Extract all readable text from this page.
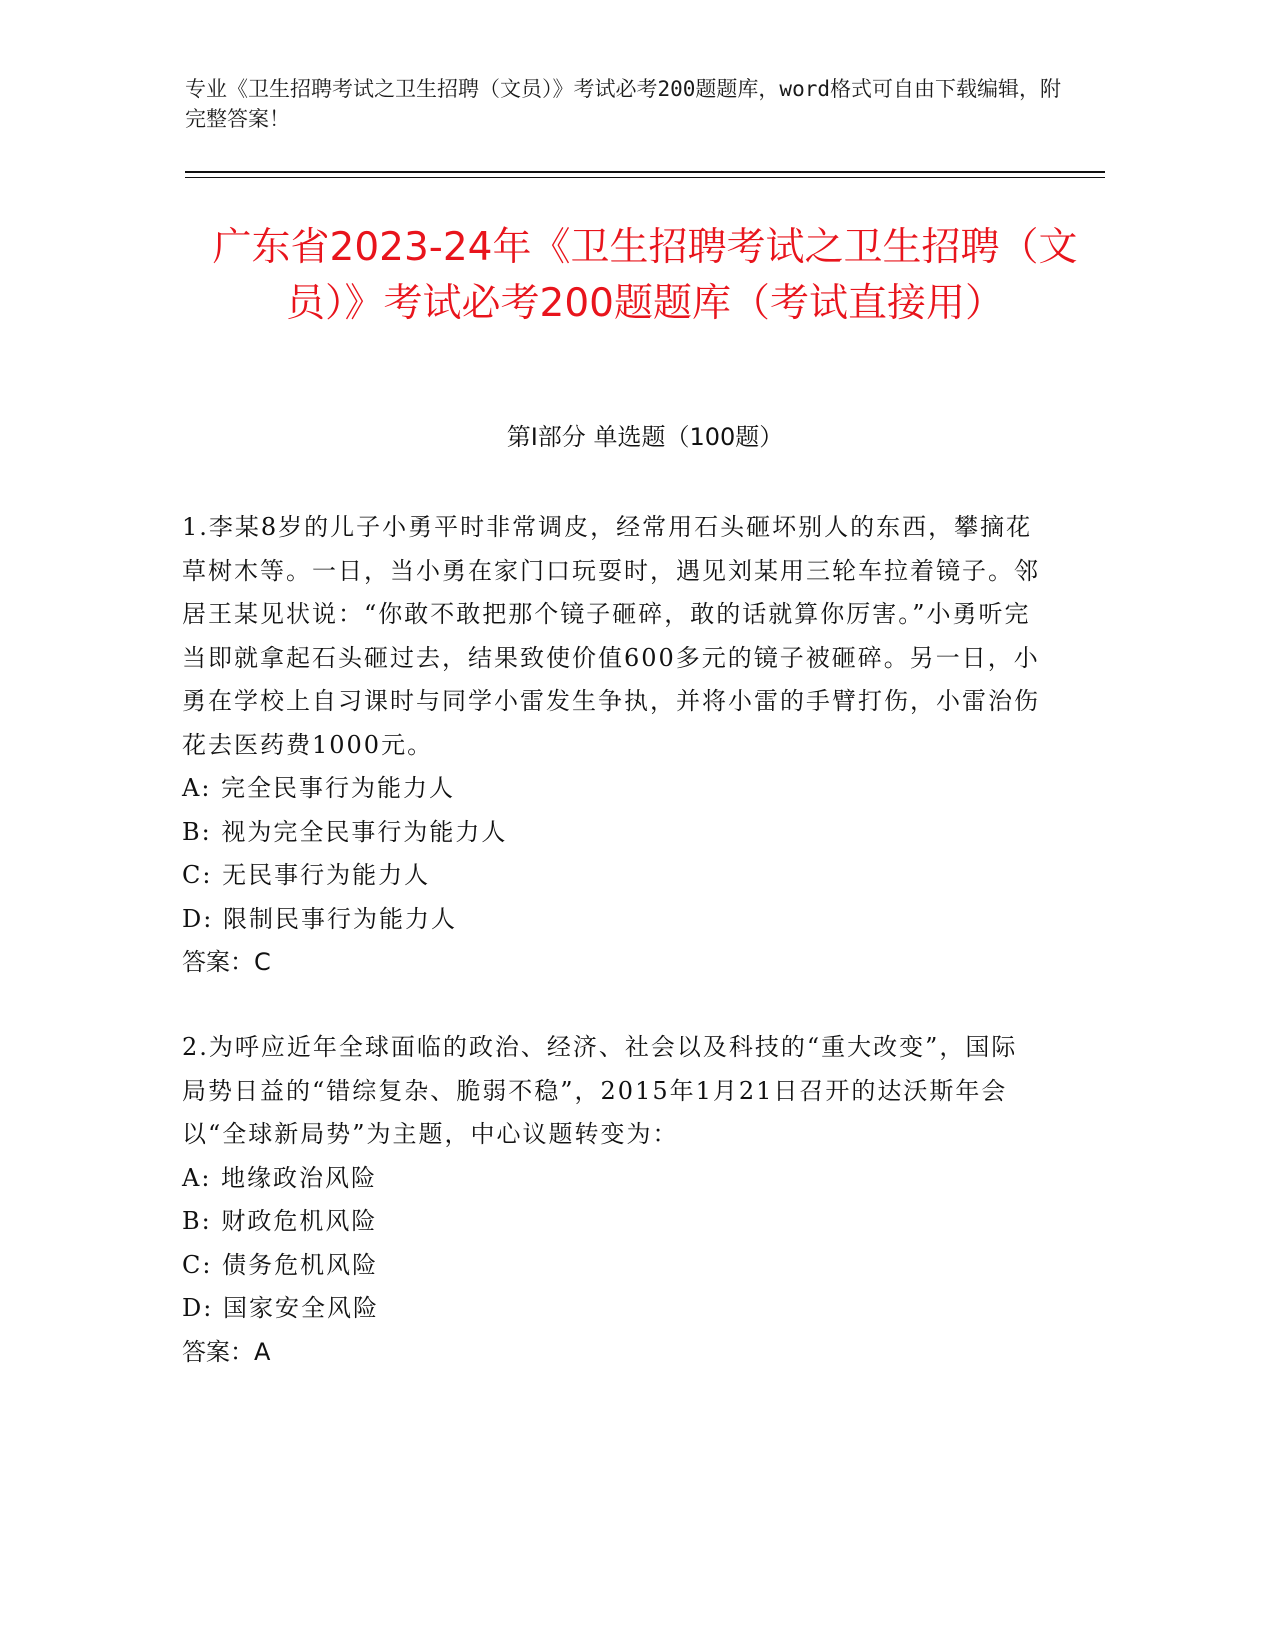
专业《卫生招聘考试之卫生招聘（文员）》考试必考200题题库，word格式可自由下载编辑，附完整答案！
广东省2023-24年《卫生招聘考试之卫生招聘（文员）》考试必考200题题库（考试直接用）
第Ⅰ部分 单选题（100题）

1.李某8岁的儿子小勇平时非常调皮，经常用石头砸坏别人的东西，攀摘花草树木等。一日，当小勇在家门口玩耍时，遇见刘某用三轮车拉着镜子。邻居王某见状说：“你敢不敢把那个镜子砸碎，敢的话就算你厉害。”小勇听完当即就拿起石头砸过去，结果致使价值600多元的镜子被砸碎。另一日，小勇在学校上自习课时与同学小雷发生争执，并将小雷的手臂打伤，小雷治伤花去医药费1000元。

A: 完全民事行为能力人

B: 视为完全民事行为能力人

C: 无民事行为能力人

D: 限制民事行为能力人

答案：C

2.为呼应近年全球面临的政治、经济、社会以及科技的“重大改变”，国际局势日益的“错综复杂、脆弱不稳”，2015年1月21日召开的达沃斯年会以“全球新局势”为主题，中心议题转变为：

A: 地缘政治风险

B: 财政危机风险

C: 债务危机风险

D: 国家安全风险

答案：A
